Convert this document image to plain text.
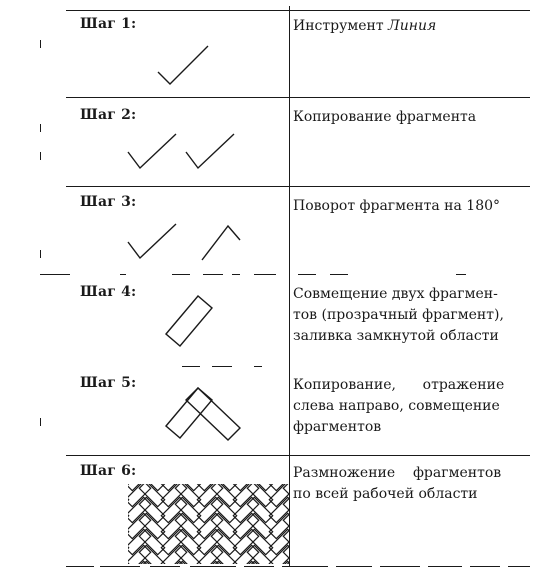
Шаг 1:	Инструмент Линия
Шаг 2:	Копирование фрагмента
Шаг 3:	Поворот фрагмента на 180°
Шаг 4:	Совмещение двух фрагмен-
тов (прозрачный фрагмент),
заливка замкнутой области
Шаг 5:	Копирование,      отражение
слева направо, совмещение
фрагментов
Шаг 6:	Размножение    фрагментов
по всей рабочей области
